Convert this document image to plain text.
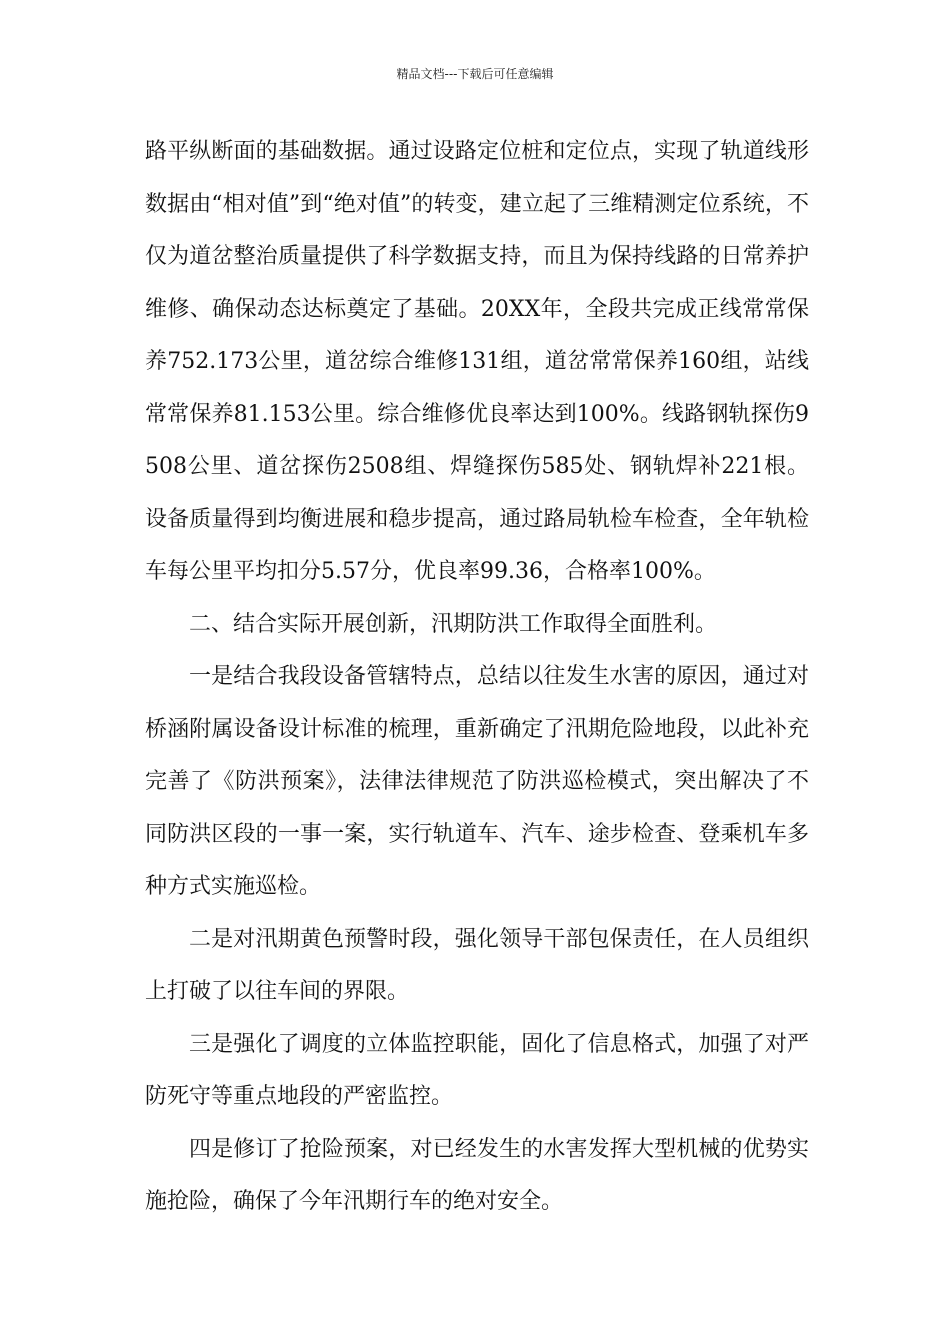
精品文档---下载后可任意编辑

路平纵断面的基础数据。通过设路定位桩和定位点，实现了轨道线形数据由“相对值”到“绝对值”的转变，建立起了三维精测定位系统，不仅为道岔整治质量提供了科学数据支持，而且为保持线路的日常养护维修、确保动态达标奠定了基础。20XX年，全段共完成正线常常保养752.173公里，道岔综合维修131组，道岔常常保养160组，站线常常保养81.153公里。综合维修优良率达到100%。线路钢轨探伤9508公里、道岔探伤2508组、焊缝探伤585处、钢轨焊补221根。设备质量得到均衡进展和稳步提高，通过路局轨检车检查，全年轨检车每公里平均扣分5.57分，优良率99.36，合格率100%。

二、结合实际开展创新，汛期防洪工作取得全面胜利。

一是结合我段设备管辖特点，总结以往发生水害的原因，通过对桥涵附属设备设计标准的梳理，重新确定了汛期危险地段，以此补充完善了《防洪预案》，法律法律规范了防洪巡检模式，突出解决了不同防洪区段的一事一案，实行轨道车、汽车、途步检查、登乘机车多种方式实施巡检。

二是对汛期黄色预警时段，强化领导干部包保责任，在人员组织上打破了以往车间的界限。

三是强化了调度的立体监控职能，固化了信息格式，加强了对严防死守等重点地段的严密监控。

四是修订了抢险预案，对已经发生的水害发挥大型机械的优势实施抢险，确保了今年汛期行车的绝对安全。
